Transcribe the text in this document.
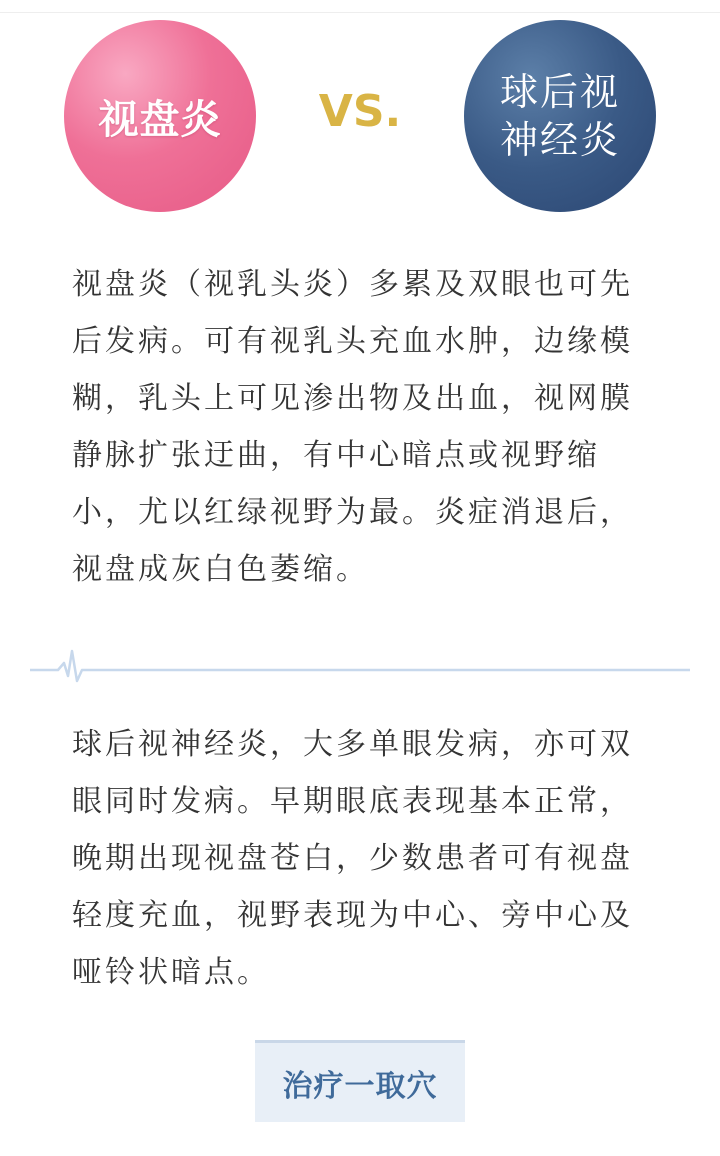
视盘炎 VS.	球后视
神经炎

视盘炎（视乳头炎）多累及双眼也可先后发病。可有视乳头充血水肿，边缘模糊，乳头上可见渗出物及出血，视网膜静脉扩张迂曲，有中心暗点或视野缩小，尤以红绿视野为最。炎症消退后，视盘成灰白色萎缩。

球后视神经炎，大多单眼发病，亦可双眼同时发病。早期眼底表现基本正常，晚期出现视盘苍白，少数患者可有视盘轻度充血，视野表现为中心、旁中心及哑铃状暗点。

治疗一取穴
